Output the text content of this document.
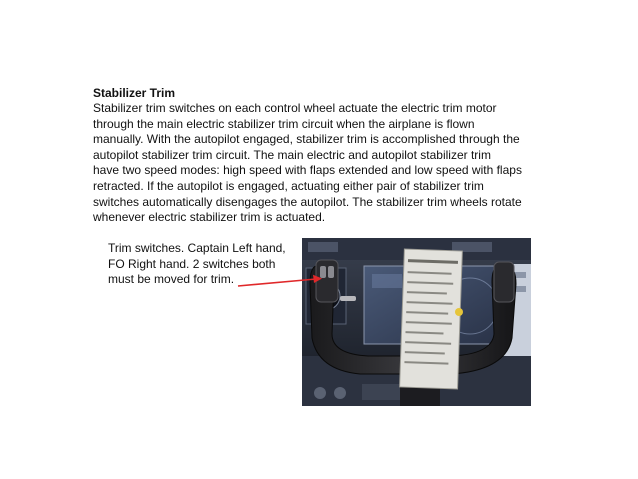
Stabilizer Trim
Stabilizer trim switches on each control wheel actuate the electric trim motor
through the main electric stabilizer trim circuit when the airplane is flown
manually. With the autopilot engaged, stabilizer trim is accomplished through the
autopilot stabilizer trim circuit. The main electric and autopilot stabilizer trim
have two speed modes: high speed with flaps extended and low speed with flaps
retracted. If the autopilot is engaged, actuating either pair of stabilizer trim
switches automatically disengages the autopilot. The stabilizer trim wheels rotate
whenever electric stabilizer trim is actuated.
Trim switches. Captain Left hand,
FO Right hand. 2 switches both
must be moved for trim.
